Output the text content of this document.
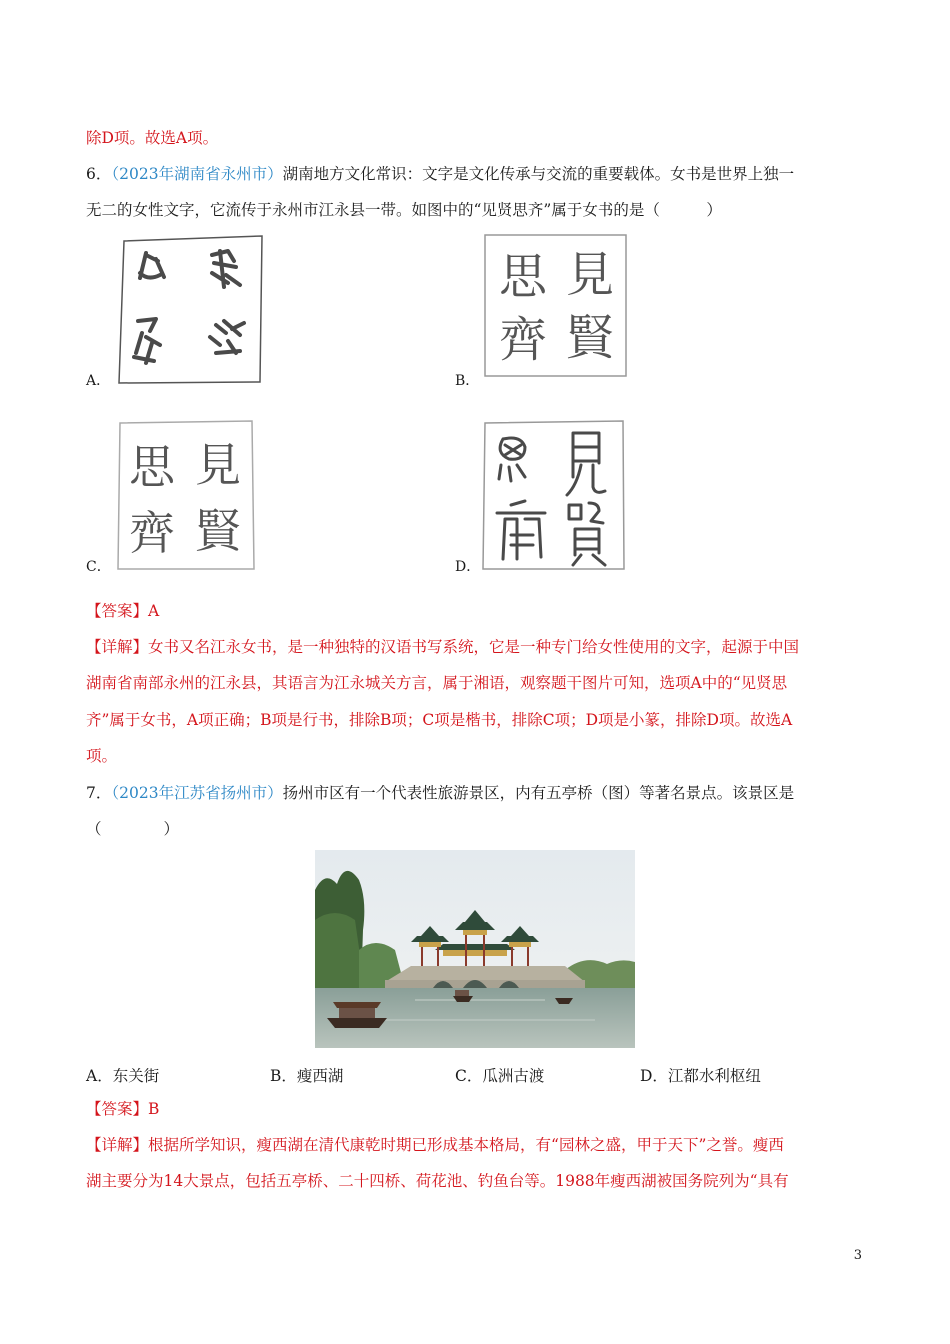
除D项。故选A项。
6．（2023年湖南省永州市）湖南地方文化常识：文字是文化传承与交流的重要载体。女书是世界上独一
无二的女性文字，它流传于永州市江永县一带。如图中的“见贤思齐”属于女书的是（　　　）
A．	B．
見
賢
思
齊
C．
見
賢
思
齊
D．
【答案】A
【详解】女书又名江永女书，是一种独特的汉语书写系统，它是一种专门给女性使用的文字，起源于中国
湖南省南部永州的江永县，其语言为江永城关方言，属于湘语，观察题干图片可知，选项A中的“见贤思
齐”属于女书，A项正确；B项是行书，排除B项；C项是楷书，排除C项；D项是小篆，排除D项。故选A
项。
7．（2023年江苏省扬州市）扬州市区有一个代表性旅游景区，内有五亭桥（图）等著名景点。该景区是
（　　　　）
A．东关街	B．瘦西湖	C．瓜洲古渡	D．江都水利枢纽
【答案】B
【详解】根据所学知识，瘦西湖在清代康乾时期已形成基本格局，有“园林之盛，甲于天下”之誉。瘦西
湖主要分为14大景点，包括五亭桥、二十四桥、荷花池、钓鱼台等。1988年瘦西湖被国务院列为“具有
3
